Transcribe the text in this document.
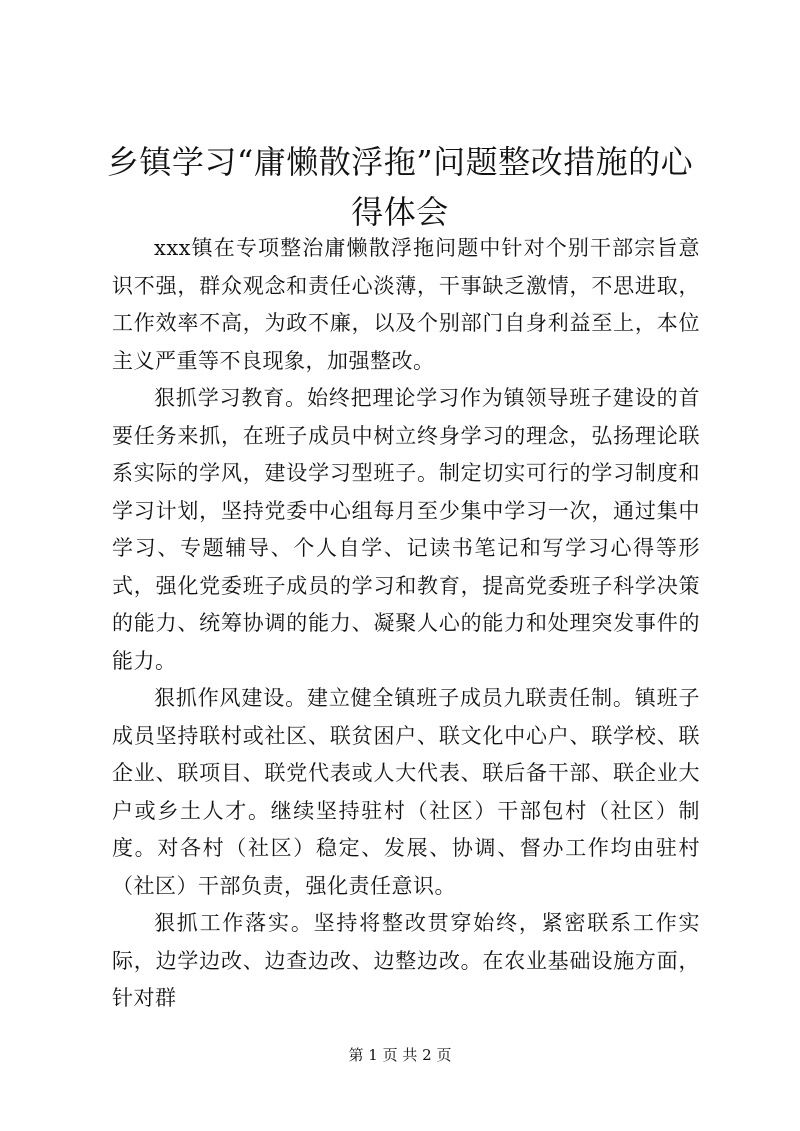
乡镇学习“庸懒散浮拖”问题整改措施的心得体会

xxx镇在专项整治庸懒散浮拖问题中针对个别干部宗旨意识不强，群众观念和责任心淡薄，干事缺乏激情，不思进取，工作效率不高，为政不廉，以及个别部门自身利益至上，本位主义严重等不良现象，加强整改。

狠抓学习教育。始终把理论学习作为镇领导班子建设的首要任务来抓，在班子成员中树立终身学习的理念，弘扬理论联系实际的学风，建设学习型班子。制定切实可行的学习制度和学习计划，坚持党委中心组每月至少集中学习一次，通过集中学习、专题辅导、个人自学、记读书笔记和写学习心得等形式，强化党委班子成员的学习和教育，提高党委班子科学决策的能力、统筹协调的能力、凝聚人心的能力和处理突发事件的能力。

狠抓作风建设。建立健全镇班子成员九联责任制。镇班子成员坚持联村或社区、联贫困户、联文化中心户、联学校、联企业、联项目、联党代表或人大代表、联后备干部、联企业大户或乡土人才。继续坚持驻村（社区）干部包村（社区）制度。对各村（社区）稳定、发展、协调、督办工作均由驻村（社区）干部负责，强化责任意识。

狠抓工作落实。坚持将整改贯穿始终，紧密联系工作实际，边学边改、边查边改、边整边改。在农业基础设施方面，针对群

第 1 页 共 2 页
